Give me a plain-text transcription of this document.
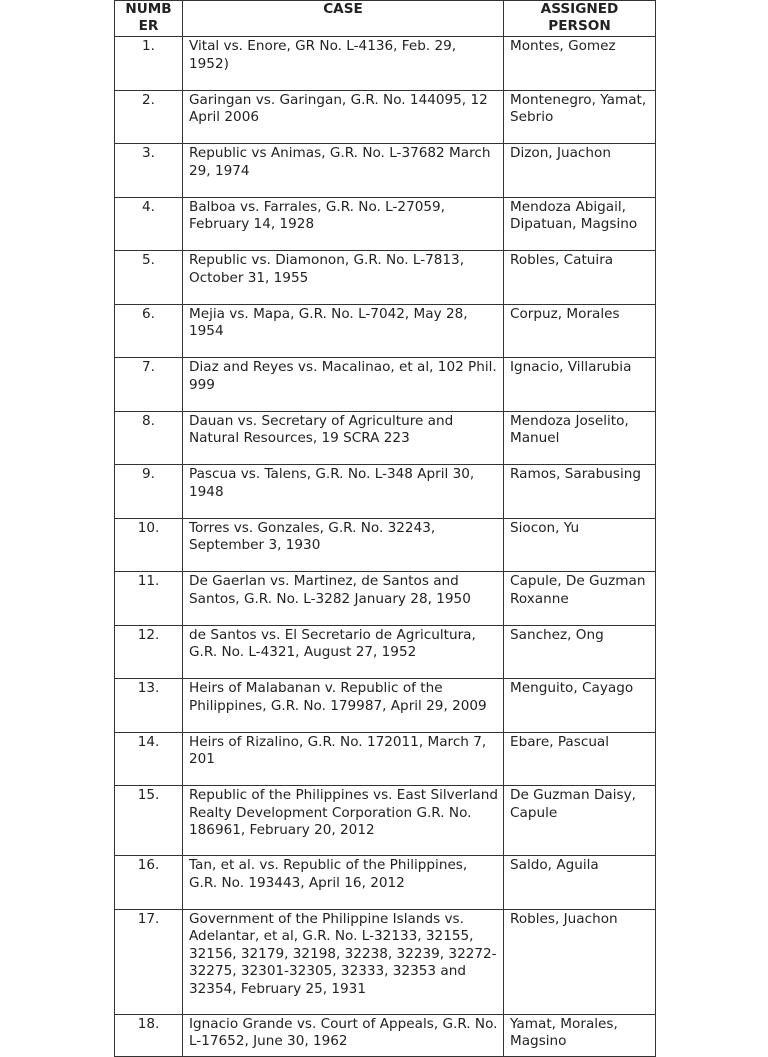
NUMB ER	CASE	ASSIGNED PERSON
1.	Vital vs. Enore, GR No. L-4136, Feb. 29, 1952)	Montes, Gomez
2.	Garingan vs. Garingan, G.R. No. 144095, 12 April 2006	Montenegro, Yamat, Sebrio
3.	Republic vs Animas, G.R. No. L-37682 March 29, 1974	Dizon, Juachon
4.	Balboa vs. Farrales, G.R. No. L-27059, February 14, 1928	Mendoza Abigail, Dipatuan, Magsino
5.	Republic vs. Diamonon, G.R. No. L-7813, October 31, 1955	Robles, Catuira
6.	Mejia vs. Mapa, G.R. No. L-7042, May 28, 1954	Corpuz, Morales
7.	Diaz and Reyes vs. Macalinao, et al, 102 Phil. 999	Ignacio, Villarubia
8.	Dauan vs. Secretary of Agriculture and Natural Resources, 19 SCRA 223	Mendoza Joselito, Manuel
9.	Pascua vs. Talens, G.R. No. L-348 April 30, 1948	Ramos, Sarabusing
10.	Torres vs. Gonzales, G.R. No. 32243, September 3, 1930	Siocon, Yu
11.	De Gaerlan vs. Martinez, de Santos and Santos, G.R. No. L-3282 January 28, 1950	Capule, De Guzman Roxanne
12.	de Santos vs. El Secretario de Agricultura, G.R. No. L-4321, August 27, 1952	Sanchez, Ong
13.	Heirs of Malabanan v. Republic of the Philippines, G.R. No. 179987, April 29, 2009	Menguito, Cayago
14.	Heirs of Rizalino, G.R. No. 172011, March 7, 201	Ebare, Pascual
15.	Republic of the Philippines vs. East Silverland Realty Development Corporation G.R. No. 186961, February 20, 2012	De Guzman Daisy, Capule
16.	Tan, et al. vs. Republic of the Philippines, G.R. No. 193443, April 16, 2012	Saldo, Aguila
17.	Government of the Philippine Islands vs. Adelantar, et al, G.R. No. L-32133, 32155, 32156, 32179, 32198, 32238, 32239, 32272-32275, 32301-32305, 32333, 32353 and 32354, February 25, 1931	Robles, Juachon
18.	Ignacio Grande vs. Court of Appeals, G.R. No. L-17652, June 30, 1962	Yamat, Morales, Magsino
